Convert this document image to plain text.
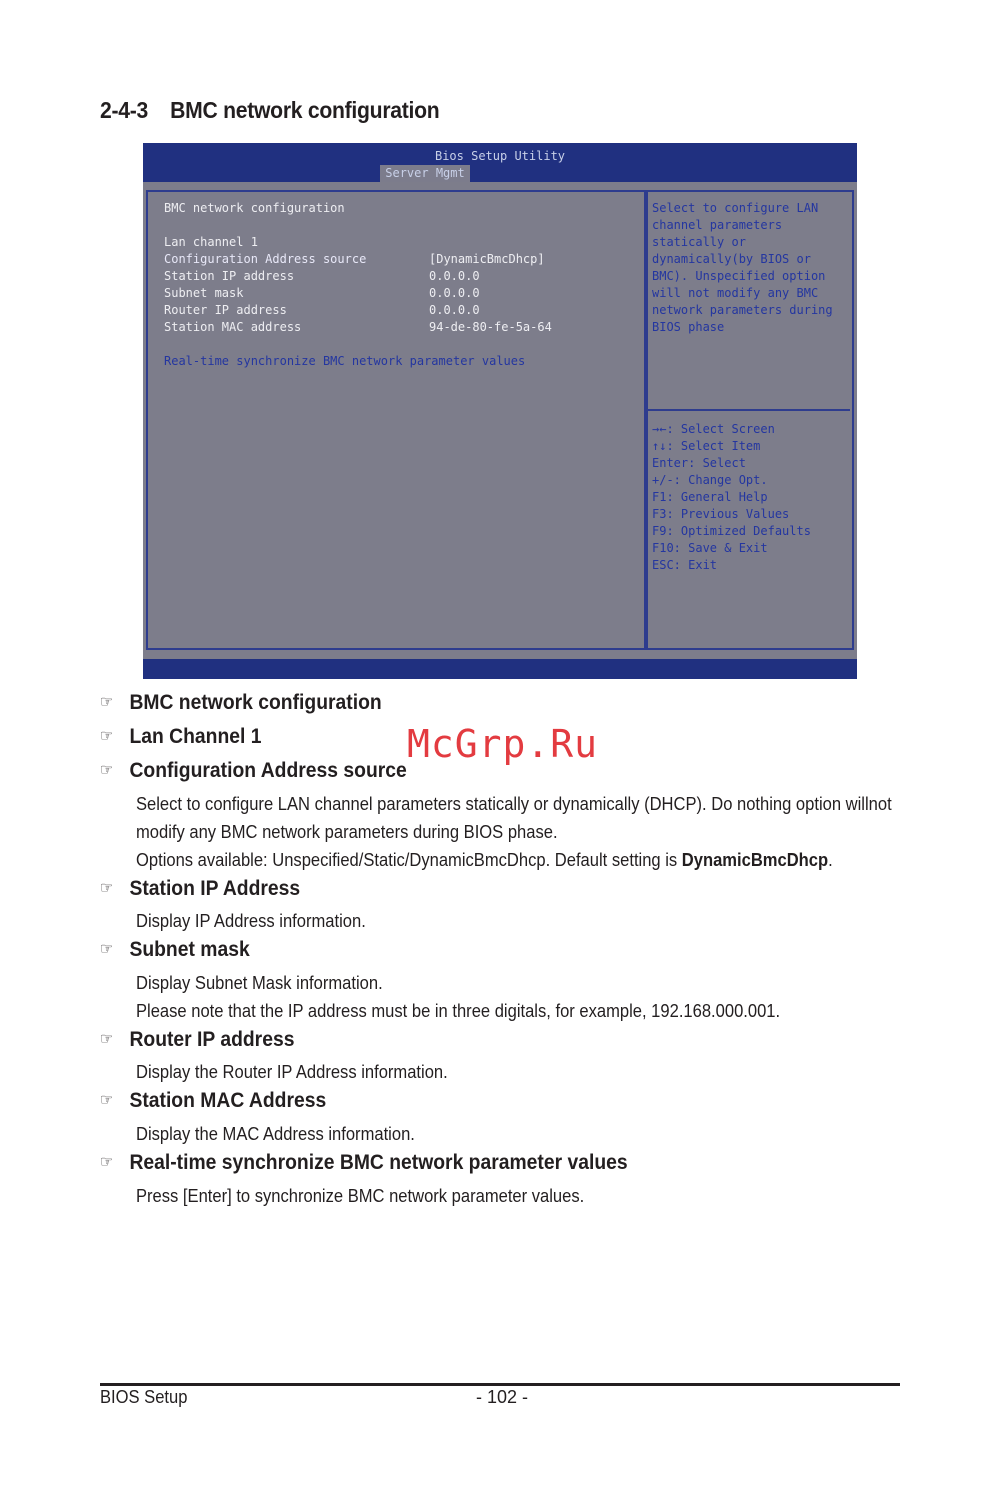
2-4-3 BMC network configuration
Bios Setup Utility
Server Mgmt
BMC network configuration
Lan channel 1
Configuration Address source	[DynamicBmcDhcp]
Station IP address	0.0.0.0
Subnet mask	0.0.0.0
Router IP address	0.0.0.0
Station MAC address	94-de-80-fe-5a-64
Real-time synchronize BMC network parameter values
Select to configure LAN
channel parameters
statically or
dynamically(by BIOS or
BMC). Unspecified option
will not modify any BMC
network parameters during
BIOS phase
→←: Select Screen
↑↓: Select Item
Enter: Select
+/-: Change Opt.
F1: General Help
F3: Previous Values
F9: Optimized Defaults
F10: Save & Exit
ESC: Exit
☞ BMC network configuration
☞ Lan Channel 1
☞ Configuration Address source
Select to configure LAN channel parameters statically or dynamically (DHCP). Do nothing option willnot
modify any BMC network parameters during BIOS phase.
Options available: Unspecified/Static/DynamicBmcDhcp. Default setting is DynamicBmcDhcp.
☞ Station IP Address
Display IP Address information.
☞ Subnet mask
Display Subnet Mask information.
Please note that the IP address must be in three digitals, for example, 192.168.000.001.
☞ Router IP address
Display the Router IP Address information.
☞ Station MAC Address
Display the MAC Address information.
☞ Real-time synchronize BMC network parameter values
Press [Enter] to synchronize BMC network parameter values.
McGrp.Ru
BIOS Setup	- 102 -
